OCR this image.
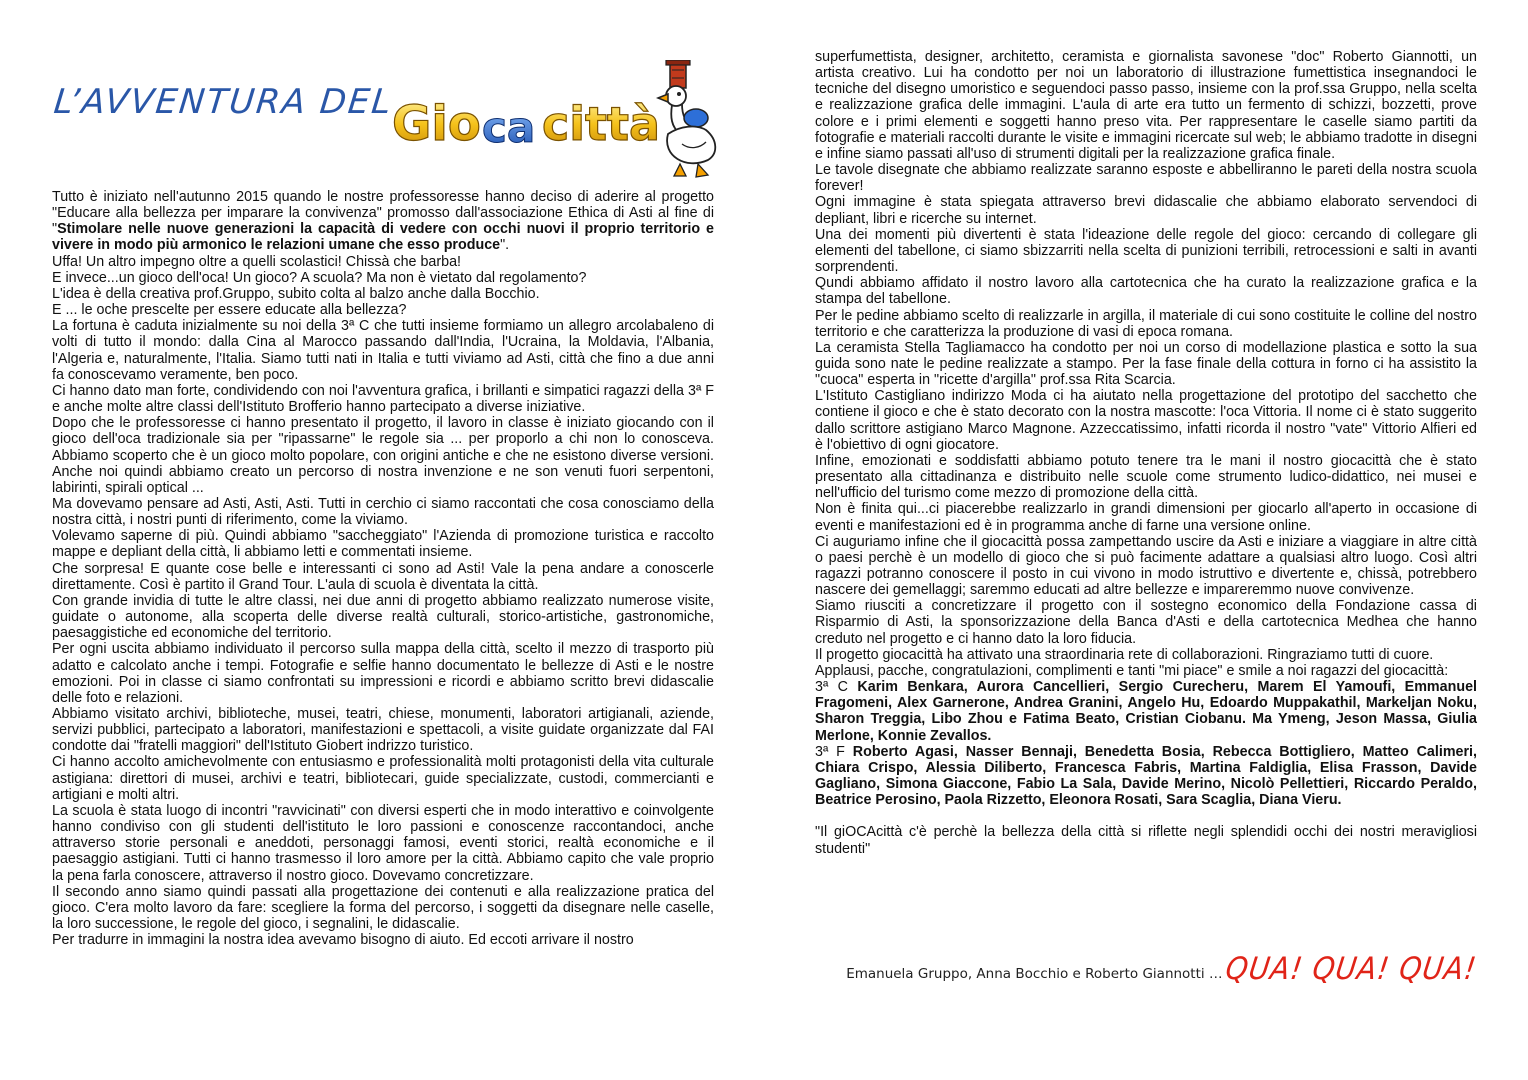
L’AVVENTURA DEL
Gio ca città

Tutto è iniziato nell'autunno 2015 quando le nostre professoresse hanno deciso di aderire al progetto "Educare alla bellezza per imparare la convivenza" promosso dall'associazione Ethica di Asti al fine di "Stimolare nelle nuove generazioni la capacità di vedere con occhi nuovi il proprio territorio e vivere in modo più armonico le relazioni umane che esso produce".

Uffa! Un altro impegno oltre a quelli scolastici! Chissà che barba!

E invece...un gioco dell'oca! Un gioco? A scuola? Ma non è vietato dal regolamento?

L'idea è della creativa prof.Gruppo, subito colta al balzo anche dalla Bocchio.

E ... le oche prescelte per essere educate alla bellezza?

La fortuna è caduta inizialmente su noi della 3ª C che tutti insieme formiamo un allegro arcolabaleno di volti di tutto il mondo: dalla Cina al Marocco passando dall'India, l'Ucraina, la Moldavia, l'Albania, l'Algeria e, naturalmente, l'Italia. Siamo tutti nati in Italia e tutti viviamo ad Asti, città che fino a due anni fa conoscevamo veramente, ben poco.

Ci hanno dato man forte, condividendo con noi l'avventura grafica, i brillanti e simpatici ragazzi della 3ª F e anche molte altre classi dell'Istituto Brofferio hanno partecipato a diverse iniziative.

Dopo che le professoresse ci hanno presentato il progetto, il lavoro in classe è iniziato giocando con il gioco dell'oca tradizionale sia per "ripassarne" le regole sia ... per proporlo a chi non lo conosceva. Abbiamo scoperto che è un gioco molto popolare, con origini antiche e che ne esistono diverse versioni. Anche noi quindi abbiamo creato un percorso di nostra invenzione e ne son venuti fuori serpentoni, labirinti, spirali optical ...

Ma dovevamo pensare ad Asti, Asti, Asti. Tutti in cerchio ci siamo raccontati che cosa conosciamo della nostra città, i nostri punti di riferimento, come la viviamo.

Volevamo saperne di più. Quindi abbiamo "saccheggiato" l'Azienda di promozione turistica e raccolto mappe e depliant della città, li abbiamo letti e commentati insieme.

Che sorpresa! E quante cose belle e interessanti ci sono ad Asti! Vale la pena andare a conoscerle direttamente. Così è partito il Grand Tour. L'aula di scuola è diventata la città.

Con grande invidia di tutte le altre classi, nei due anni di progetto abbiamo realizzato numerose visite, guidate o autonome, alla scoperta delle diverse realtà culturali, storico-artistiche, gastronomiche, paesaggistiche ed economiche del territorio.

Per ogni uscita abbiamo individuato il percorso sulla mappa della città, scelto il mezzo di trasporto più adatto e calcolato anche i tempi. Fotografie e selfie hanno documentato le bellezze di Asti e le nostre emozioni. Poi in classe ci siamo confrontati su impressioni e ricordi e abbiamo scritto brevi didascalie delle foto e relazioni.

Abbiamo visitato archivi, biblioteche, musei, teatri, chiese, monumenti, laboratori artigianali, aziende, servizi pubblici, partecipato a laboratori, manifestazioni e spettacoli, a visite guidate organizzate dal FAI condotte dai "fratelli maggiori" dell'Istituto Giobert indrizzo turistico.

Ci hanno accolto amichevolmente con entusiasmo e professionalità molti protagonisti della vita culturale astigiana: direttori di musei, archivi e teatri, bibliotecari, guide specializzate, custodi, commercianti e artigiani e molti altri.

La scuola è stata luogo di incontri "ravvicinati" con diversi esperti che in modo interattivo e coinvolgente hanno condiviso con gli studenti dell'istituto le loro passioni e conoscenze raccontandoci, anche attraverso storie personali e aneddoti, personaggi famosi, eventi storici, realtà economiche e il paesaggio astigiani. Tutti ci hanno trasmesso il loro amore per la città. Abbiamo capito che vale proprio la pena farla conoscere, attraverso il nostro gioco. Dovevamo concretizzare.

Il secondo anno siamo quindi passati alla progettazione dei contenuti e alla realizzazione pratica del gioco. C'era molto lavoro da fare: scegliere la forma del percorso, i soggetti da disegnare nelle caselle, la loro successione, le regole del gioco, i segnalini, le didascalie.

Per tradurre in immagini la nostra idea avevamo bisogno di aiuto. Ed eccoti arrivare il nostro

superfumettista, designer, architetto, ceramista e giornalista savonese "doc" Roberto Giannotti, un artista creativo. Lui ha condotto per noi un laboratorio di illustrazione fumettistica insegnandoci le tecniche del disegno umoristico e seguendoci passo passo, insieme con la prof.ssa Gruppo, nella scelta e realizzazione grafica delle immagini. L'aula di arte era tutto un fermento di schizzi, bozzetti, prove colore e i primi elementi e soggetti hanno preso vita. Per rappresentare le caselle siamo partiti da fotografie e materiali raccolti durante le visite e immagini ricercate sul web; le abbiamo tradotte in disegni e infine siamo passati all'uso di strumenti digitali per la realizzazione grafica finale.

Le tavole disegnate che abbiamo realizzate saranno esposte e abbelliranno le pareti della nostra scuola forever!

Ogni immagine è stata spiegata attraverso brevi didascalie che abbiamo elaborato servendoci di depliant, libri e ricerche su internet.

Una dei momenti più divertenti è stata l'ideazione delle regole del gioco: cercando di collegare gli elementi del tabellone, ci siamo sbizzarriti nella scelta di punizioni terribili, retrocessioni e salti in avanti sorprendenti.

Qundi abbiamo affidato il nostro lavoro alla cartotecnica che ha curato la realizzazione grafica e la stampa del tabellone.

Per le pedine abbiamo scelto di realizzarle in argilla, il materiale di cui sono costituite le colline del nostro territorio e che caratterizza la produzione di vasi di epoca romana.

La ceramista Stella Tagliamacco ha condotto per noi un corso di modellazione plastica e sotto la sua guida sono nate le pedine realizzate a stampo. Per la fase finale della cottura in forno ci ha assistito la "cuoca" esperta in "ricette d'argilla" prof.ssa Rita Scarcia.

L'Istituto Castigliano indirizzo Moda ci ha aiutato nella progettazione del prototipo del sacchetto che contiene il gioco e che è stato decorato con la nostra mascotte: l'oca Vittoria. Il nome ci è stato suggerito dallo scrittore astigiano Marco Magnone. Azzeccatissimo, infatti ricorda il nostro "vate" Vittorio Alfieri ed è l'obiettivo di ogni giocatore.

Infine, emozionati e soddisfatti abbiamo potuto tenere tra le mani il nostro giocacittà che è stato presentato alla cittadinanza e distribuito nelle scuole come strumento ludico-didattico, nei musei e nell'ufficio del turismo come mezzo di promozione della città.

Non è finita qui...ci piacerebbe realizzarlo in grandi dimensioni per giocarlo all'aperto in occasione di eventi e manifestazioni ed è in programma anche di farne una versione online.

Ci auguriamo infine che il giocacittà possa zampettando uscire da Asti e iniziare a viaggiare in altre città o paesi perchè è un modello di gioco che si può facimente adattare a qualsiasi altro luogo. Così altri ragazzi potranno conoscere il posto in cui vivono in modo istruttivo e divertente e, chissà, potrebbero nascere dei gemellaggi; saremmo educati ad altre bellezze e impareremmo nuove convivenze.

Siamo riusciti a concretizzare il progetto con il sostegno economico della Fondazione cassa di Risparmio di Asti, la sponsorizzazione della Banca d'Asti e della cartotecnica Medhea che hanno creduto nel progetto e ci hanno dato la loro fiducia.

Il progetto giocacittà ha attivato una straordinaria rete di collaborazioni. Ringraziamo tutti di cuore.

Applausi, pacche, congratulazioni, complimenti e tanti "mi piace" e smile a noi ragazzi del giocacittà:

3ª C Karim Benkara, Aurora Cancellieri, Sergio Curecheru, Marem El Yamoufi, Emmanuel Fragomeni, Alex Garnerone, Andrea Granini, Angelo Hu, Edoardo Muppakathil, Markeljan Noku, Sharon Treggia, Libo Zhou e Fatima Beato, Cristian Ciobanu. Ma Ymeng, Jeson Massa, Giulia Merlone, Konnie Zevallos.

3ª F Roberto Agasi, Nasser Bennaji, Benedetta Bosia, Rebecca Bottigliero, Matteo Calimeri, Chiara Crispo, Alessia Diliberto, Francesca Fabris, Martina Faldiglia, Elisa Frasson, Davide Gagliano, Simona Giaccone, Fabio La Sala, Davide Merino, Nicolò Pellettieri, Riccardo Peraldo, Beatrice Perosino, Paola Rizzetto, Eleonora Rosati, Sara Scaglia, Diana Vieru.

"Il giOCAcittà c'è perchè la bellezza della città si riflette negli splendidi occhi dei nostri meravigliosi studenti"

Emanuela Gruppo, Anna Bocchio e Roberto Giannotti …QUA! QUA! QUA!
